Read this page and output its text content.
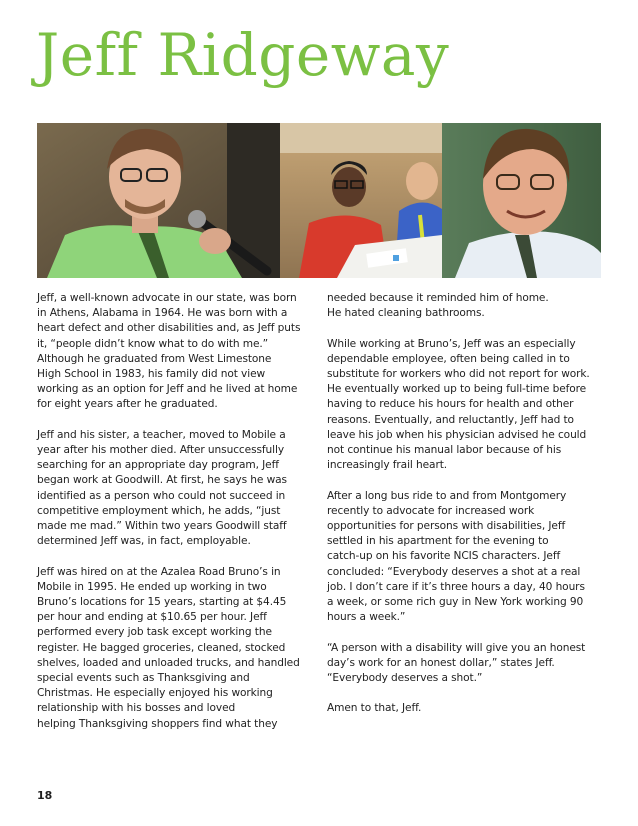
Jeff Ridgeway

Jeff, a well-known advocate in our state, was born
in Athens, Alabama in 1964. He was born with a
heart defect and other disabilities and, as Jeff puts
it, “people didn’t know what to do with me.”
Although he graduated from West Limestone
High School in 1983, his family did not view
working as an option for Jeff and he lived at home
for eight years after he graduated.

Jeff and his sister, a teacher, moved to Mobile a
year after his mother died. After unsuccessfully
searching for an appropriate day program, Jeff
began work at Goodwill. At first, he says he was
identified as a person who could not succeed in
competitive employment which, he adds, “just
made me mad.” Within two years Goodwill staff
determined Jeff was, in fact, employable.

Jeff was hired on at the Azalea Road Bruno’s in
Mobile in 1995. He ended up working in two
Bruno’s locations for 15 years, starting at $4.45
per hour and ending at $10.65 per hour. Jeff
performed every job task except working the
register. He bagged groceries, cleaned, stocked
shelves, loaded and unloaded trucks, and handled
special events such as Thanksgiving and
Christmas. He especially enjoyed his working
relationship with his bosses and loved
helping Thanksgiving shoppers find what they

needed because it reminded him of home.
He hated cleaning bathrooms.

While working at Bruno’s, Jeff was an especially
dependable employee, often being called in to
substitute for workers who did not report for work.
He eventually worked up to being full-time before
having to reduce his hours for health and other
reasons. Eventually, and reluctantly, Jeff had to
leave his job when his physician advised he could
not continue his manual labor because of his
increasingly frail heart.

After a long bus ride to and from Montgomery
recently to advocate for increased work
opportunities for persons with disabilities, Jeff
settled in his apartment for the evening to
catch-up on his favorite NCIS characters. Jeff
concluded: “Everybody deserves a shot at a real
job. I don’t care if it’s three hours a day, 40 hours
a week, or some rich guy in New York working 90
hours a week.”

“A person with a disability will give you an honest
day’s work for an honest dollar,” states Jeff.
“Everybody deserves a shot.”

Amen to that, Jeff.

18
